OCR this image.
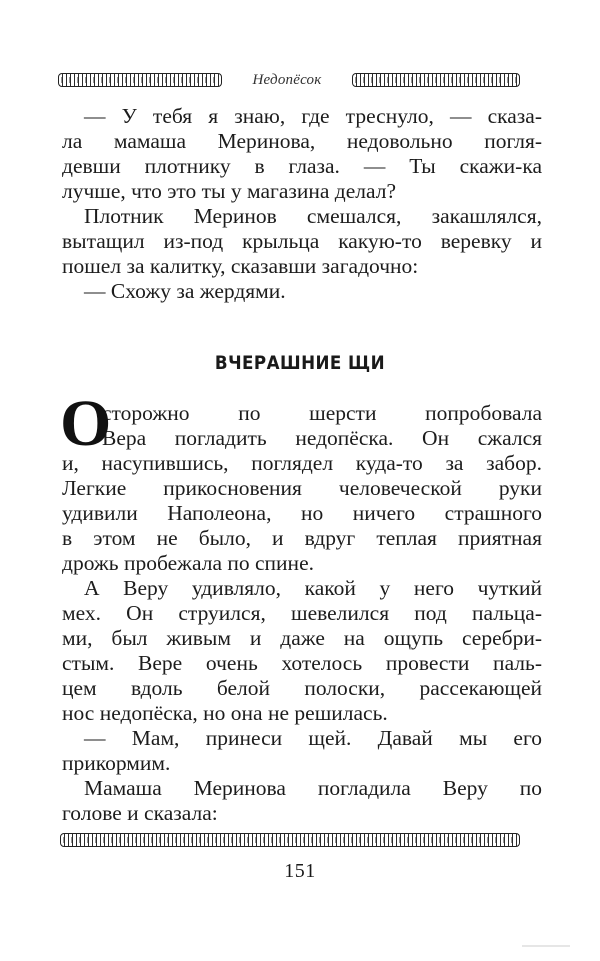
Недопёсок
— У тебя я знаю, где треснуло, — сказа-
ла мамаша Меринова, недовольно погля-
девши плотнику в глаза. — Ты скажи-ка
лучше, что это ты у магазина делал?
Плотник Меринов смешался, закашлялся,
вытащил из-под крыльца какую-то веревку и
пошел за калитку, сказавши загадочно:
— Схожу за жердями.
ВЧЕРАШНИЕ ЩИ
О
сторожно по шерсти попробовала
Вера погладить недопёска. Он сжался
и, насупившись, поглядел куда-то за забор.
Легкие прикосновения человеческой руки
удивили Наполеона, но ничего страшного
в этом не было, и вдруг теплая приятная
дрожь пробежала по спине.
А Веру удивляло, какой у него чуткий
мех. Он струился, шевелился под пальца-
ми, был живым и даже на ощупь серебри-
стым. Вере очень хотелось провести паль-
цем вдоль белой полоски, рассекающей
нос недопёска, но она не решилась.
— Мам, принеси щей. Давай мы его
прикормим.
Мамаша Меринова погладила Веру по
голове и сказала:
151
